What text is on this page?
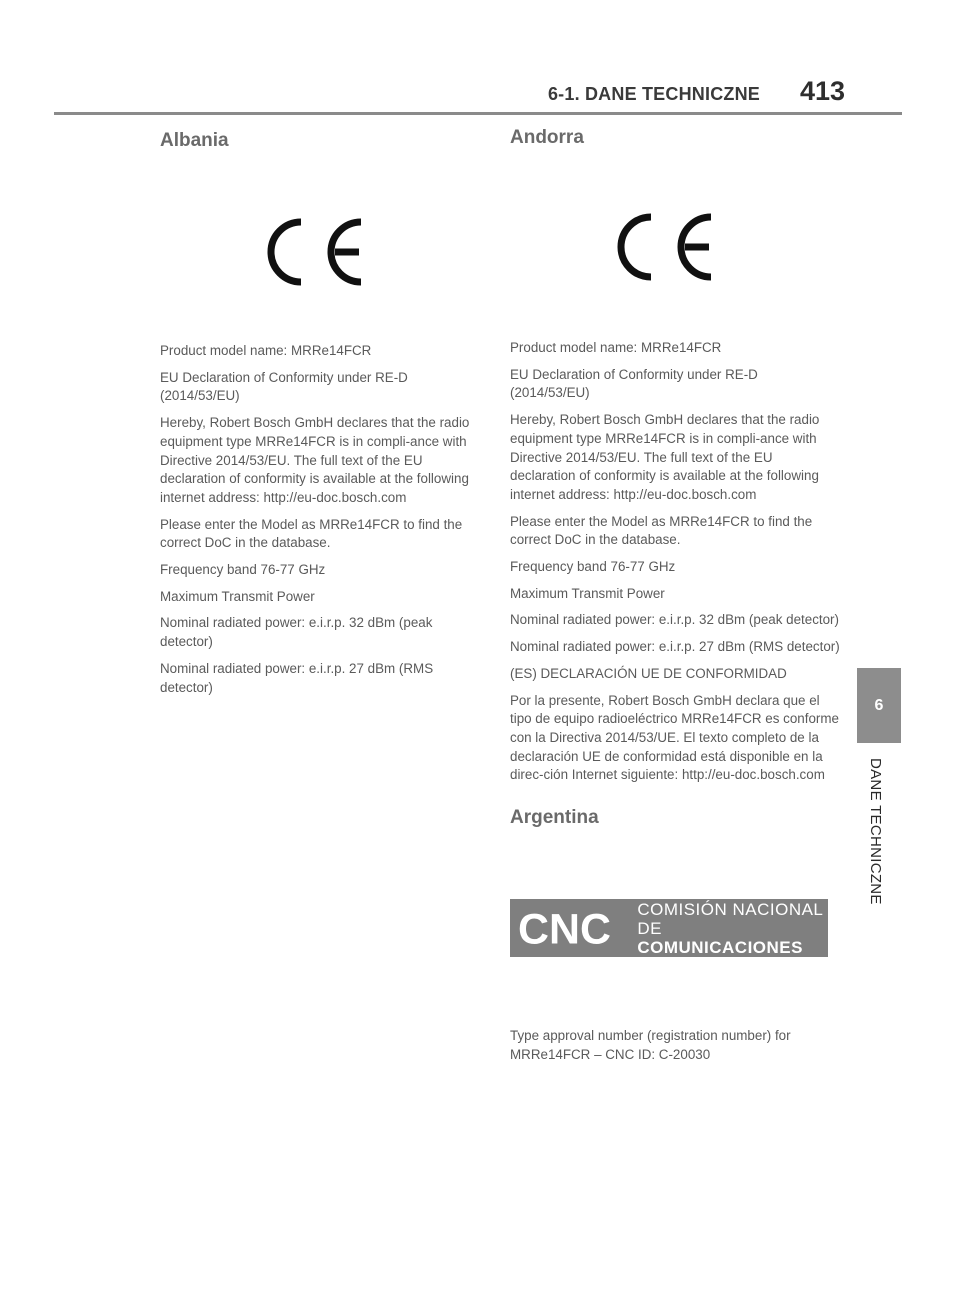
6-1. DANE TECHNICZNE 413
6
DANE TECHNICZNE
Albania

Product model name: MRRe14FCR

EU Declaration of Conformity under RE-D (2014/53/EU)

Hereby, Robert Bosch GmbH declares that the radio equipment type MRRe14FCR is in compli-ance with Directive 2014/53/EU. The full text of the EU declaration of conformity is available at the following internet address: http://eu-doc.bosch.com

Please enter the Model as MRRe14FCR to find the correct DoC in the database.

Frequency band 76-77 GHz

Maximum Transmit Power

Nominal radiated power: e.i.r.p. 32 dBm (peak detector)

Nominal radiated power: e.i.r.p. 27 dBm (RMS detector)

Andorra

Product model name: MRRe14FCR

EU Declaration of Conformity under RE-D (2014/53/EU)

Hereby, Robert Bosch GmbH declares that the radio equipment type MRRe14FCR is in compli-ance with Directive 2014/53/EU. The full text of the EU declaration of conformity is available at the following internet address: http://eu-doc.bosch.com

Please enter the Model as MRRe14FCR to find the correct DoC in the database.

Frequency band 76-77 GHz

Maximum Transmit Power

Nominal radiated power: e.i.r.p. 32 dBm (peak detector)

Nominal radiated power: e.i.r.p. 27 dBm (RMS detector)

(ES) DECLARACIÓN UE DE CONFORMIDAD

Por la presente, Robert Bosch GmbH declara que el tipo de equipo radioeléctrico MRRe14FCR es conforme con la Directiva 2014/53/UE. El texto completo de la declaración UE de conformidad está disponible en la direc-ción Internet siguiente: http://eu-doc.bosch.com

Argentina
CNC COMISIÓN NACIONAL
DE COMUNICACIONES

Type approval number (registration number) for MRRe14FCR – CNC ID: C-20030
